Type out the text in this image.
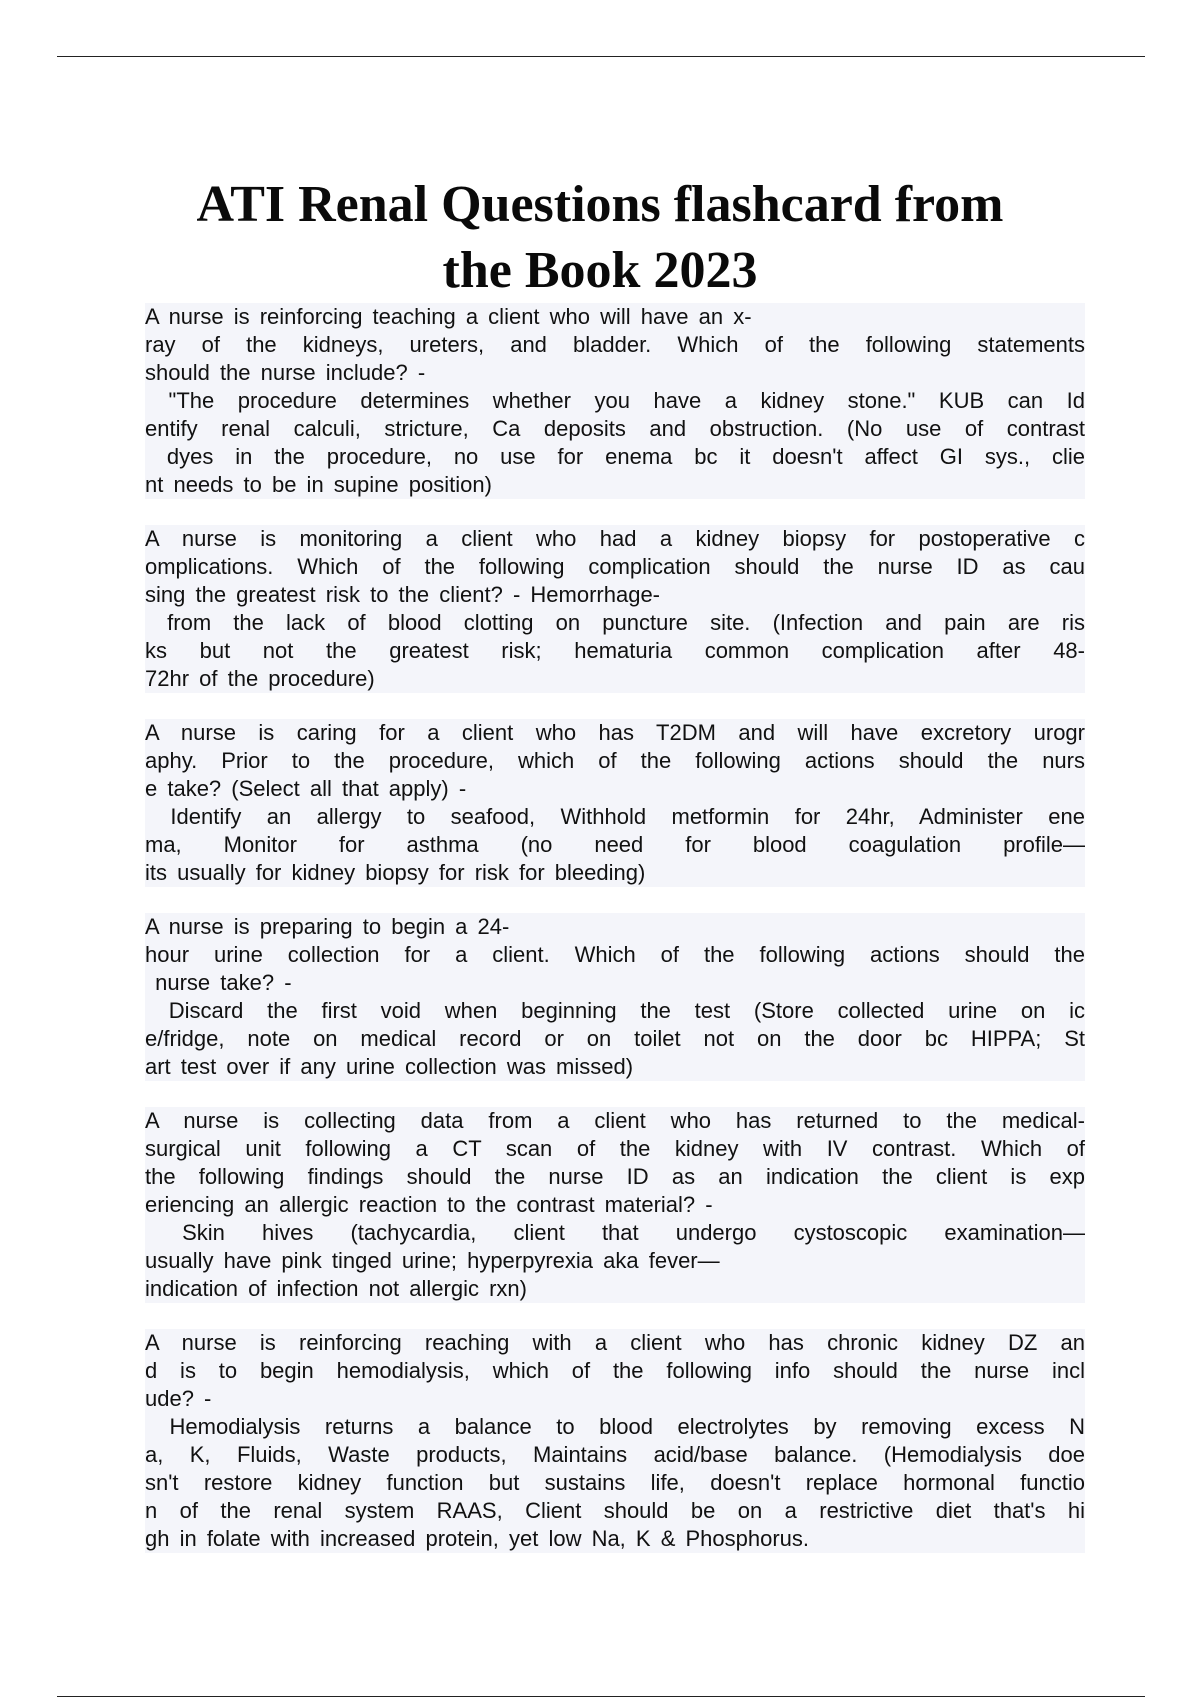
ATI Renal Questions flashcard from
the Book 2023
A nurse is reinforcing teaching a client who will have an x-
ray of the kidneys, ureters, and bladder. Which of the following statements
should the nurse include? -
"The procedure determines whether you have a kidney stone." KUB can Id
entify renal calculi, stricture, Ca deposits and obstruction. (No use of contrast
dyes in the procedure, no use for enema bc it doesn't affect GI sys., clie
nt needs to be in supine position)
A nurse is monitoring a client who had a kidney biopsy for postoperative c
omplications. Which of the following complication should the nurse ID as cau
sing the greatest risk to the client? - Hemorrhage-
from the lack of blood clotting on puncture site. (Infection and pain are ris
ks but not the greatest risk; hematuria common complication after 48-
72hr of the procedure)
A nurse is caring for a client who has T2DM and will have excretory urogr
aphy. Prior to the procedure, which of the following actions should the nurs
e take? (Select all that apply) -
Identify an allergy to seafood, Withhold metformin for 24hr, Administer ene
ma, Monitor for asthma (no need for blood coagulation profile—
its usually for kidney biopsy for risk for bleeding)
A nurse is preparing to begin a 24-
hour urine collection for a client. Which of the following actions should the
nurse take? -
Discard the first void when beginning the test (Store collected urine on ic
e/fridge, note on medical record or on toilet not on the door bc HIPPA; St
art test over if any urine collection was missed)
A nurse is collecting data from a client who has returned to the medical-
surgical unit following a CT scan of the kidney with IV contrast. Which of
the following findings should the nurse ID as an indication the client is exp
eriencing an allergic reaction to the contrast material? -
Skin hives (tachycardia, client that undergo cystoscopic examination—
usually have pink tinged urine; hyperpyrexia aka fever—
indication of infection not allergic rxn)
A nurse is reinforcing reaching with a client who has chronic kidney DZ an
d is to begin hemodialysis, which of the following info should the nurse incl
ude? -
Hemodialysis returns a balance to blood electrolytes by removing excess N
a, K, Fluids, Waste products, Maintains acid/base balance. (Hemodialysis doe
sn't restore kidney function but sustains life, doesn't replace hormonal functio
n of the renal system RAAS, Client should be on a restrictive diet that's hi
gh in folate with increased protein, yet low Na, K & Phosphorus.
